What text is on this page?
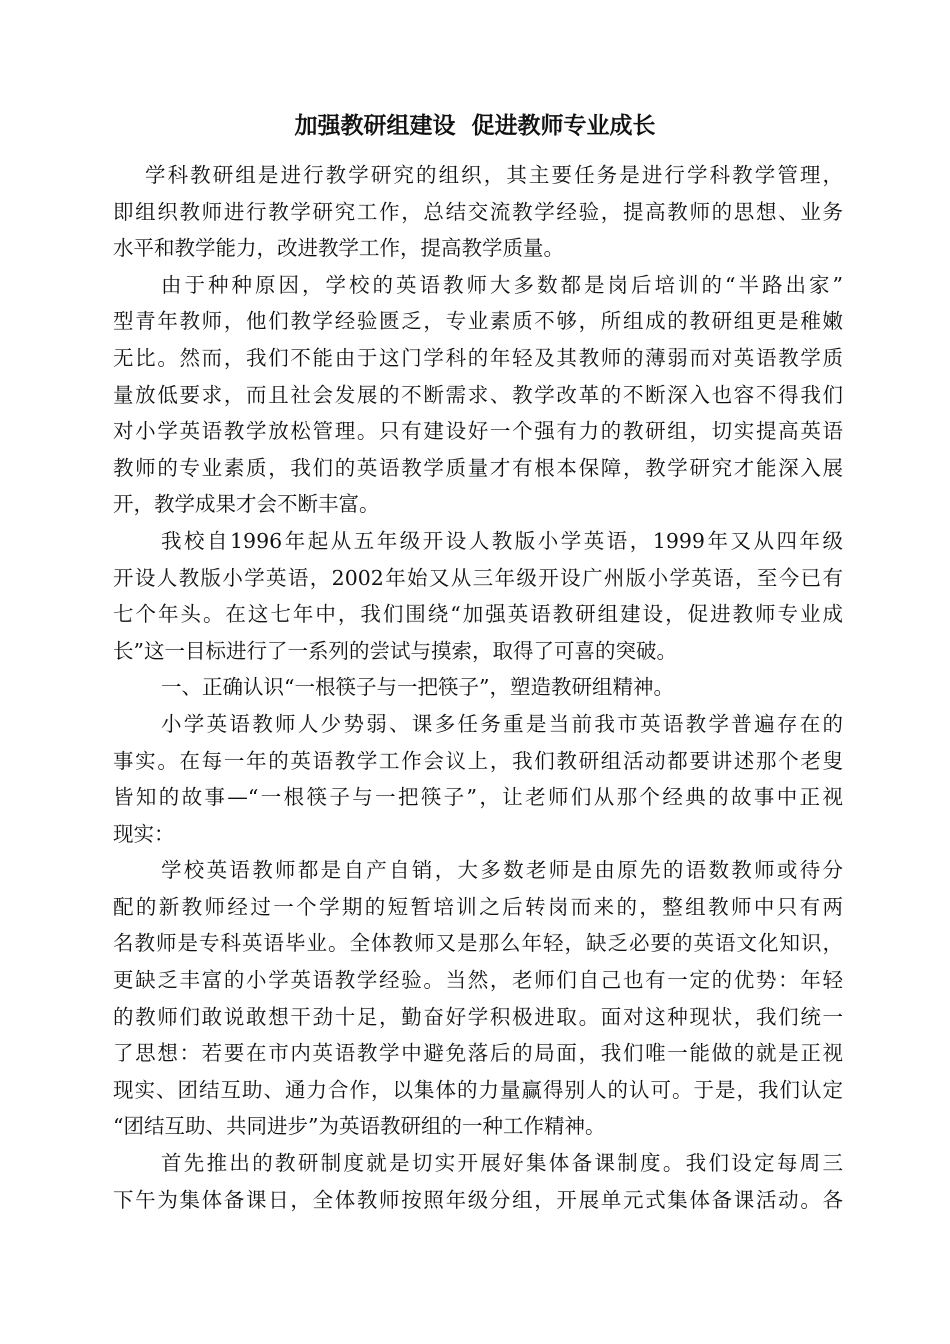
加强教研组建设  促进教师专业成长

学科教研组是进行教学研究的组织，其主要任务是进行学科教学管理，
即组织教师进行教学研究工作，总结交流教学经验，提高教师的思想、业务
水平和教学能力，改进教学工作，提高教学质量。

由于种种原因，学校的英语教师大多数都是岗后培训的“半路出家”
型青年教师，他们教学经验匮乏，专业素质不够，所组成的教研组更是稚嫩
无比。然而，我们不能由于这门学科的年轻及其教师的薄弱而对英语教学质
量放低要求，而且社会发展的不断需求、教学改革的不断深入也容不得我们
对小学英语教学放松管理。只有建设好一个强有力的教研组，切实提高英语
教师的专业素质，我们的英语教学质量才有根本保障，教学研究才能深入展
开，教学成果才会不断丰富。

我校自1996年起从五年级开设人教版小学英语，1999年又从四年级
开设人教版小学英语，2002年始又从三年级开设广州版小学英语，至今已有
七个年头。在这七年中，我们围绕“加强英语教研组建设，促进教师专业成
长”这一目标进行了一系列的尝试与摸索，取得了可喜的突破。

一、正确认识“一根筷子与一把筷子”，塑造教研组精神。

小学英语教师人少势弱、课多任务重是当前我市英语教学普遍存在的
事实。在每一年的英语教学工作会议上，我们教研组活动都要讲述那个老叟
皆知的故事—“一根筷子与一把筷子”，让老师们从那个经典的故事中正视
现实：

学校英语教师都是自产自销，大多数老师是由原先的语数教师或待分
配的新教师经过一个学期的短暂培训之后转岗而来的，整组教师中只有两
名教师是专科英语毕业。全体教师又是那么年轻，缺乏必要的英语文化知识，
更缺乏丰富的小学英语教学经验。当然，老师们自己也有一定的优势：年轻
的教师们敢说敢想干劲十足，勤奋好学积极进取。面对这种现状，我们统一
了思想：若要在市内英语教学中避免落后的局面，我们唯一能做的就是正视
现实、团结互助、通力合作，以集体的力量赢得别人的认可。于是，我们认定
“团结互助、共同进步”为英语教研组的一种工作精神。

首先推出的教研制度就是切实开展好集体备课制度。我们设定每周三
下午为集体备课日，全体教师按照年级分组，开展单元式集体备课活动。各
